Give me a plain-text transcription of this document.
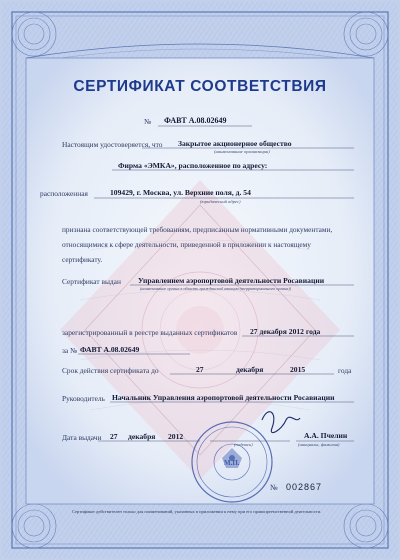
СЕРТИФИКАТ СООТВЕТСТВИЯ
№ ФАВТ А.08.02649
Настоящим удостоверяется, что Закрытое акционерное общество
(наименование организации)
Фирма «ЭМКА», расположенное по адресу:
расположенная	109429, г. Москва, ул. Верхние поля, д. 54
(юридический адрес)
признана соответствующей требованиям, предписанным нормативными документами,
относящимися к сфере деятельности, приведенной в приложении к настоящему
сертификату.
Сертификат выдан Управлением аэропортовой деятельности Росавиации
(наименование органа в области гражданской авиации (территориального органа))
зарегистрированный в реестре выданных сертификатов 27 декабря 2012 года
за № ФАВТ А.08.02649
Срок действия сертификата до	27	декабря	2015	года
Руководитель Начальник Управления аэропортовой деятельности Росавиации
Дата выдачи 27 декабря 2012
(подпись)
А.А. Пчелин
(инициалы, фамилия)
М.П.
№ 002867
Сертификат действителен только для поименований, указанных в приложении к нему при его правопреемственной деятельности.
